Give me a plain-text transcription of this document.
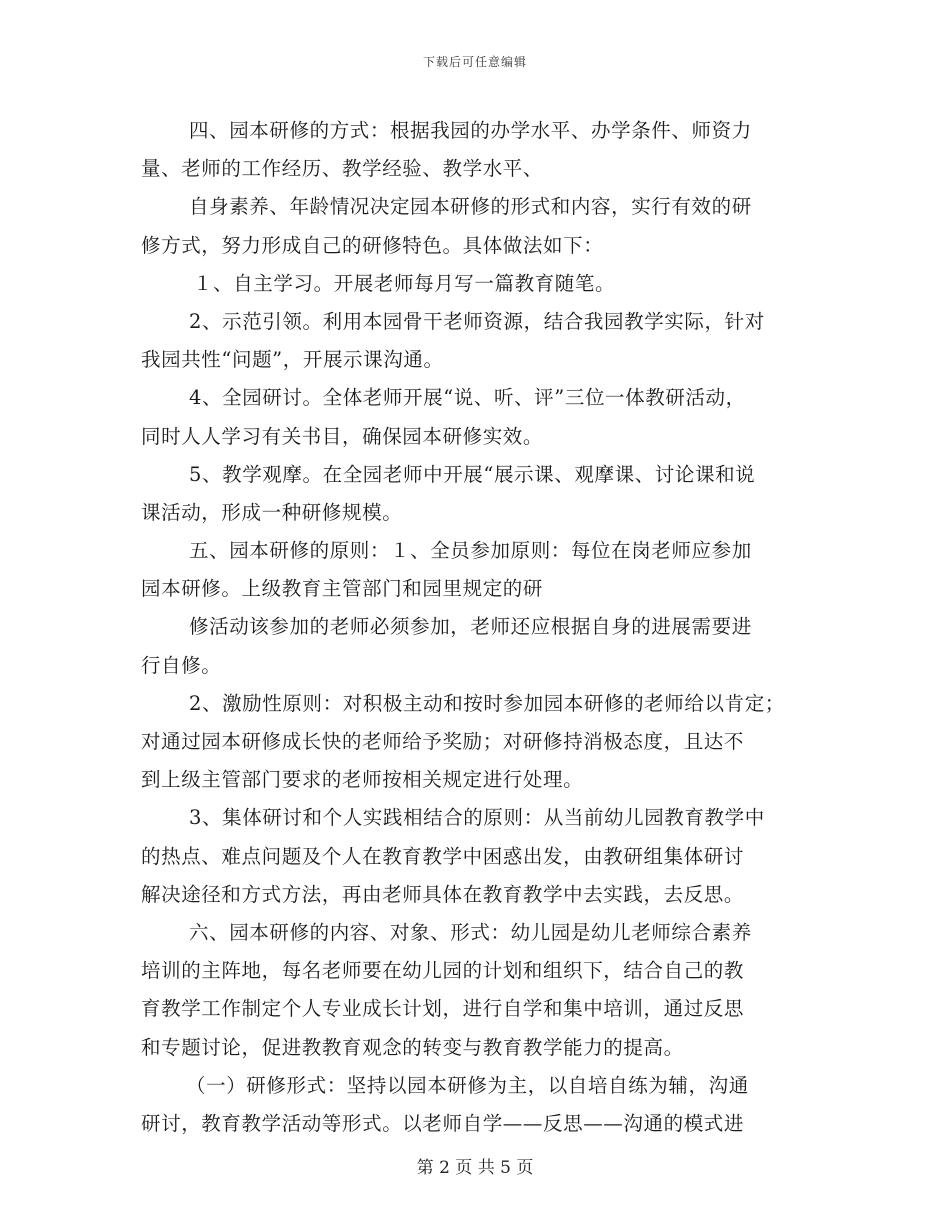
下载后可任意编辑
四、园本研修的方式：根据我园的办学水平、办学条件、师资力
量、老师的工作经历、教学经验、教学水平、
自身素养、年龄情况决定园本研修的形式和内容，实行有效的研
修方式，努力形成自己的研修特色。具体做法如下：
１、自主学习。开展老师每月写一篇教育随笔。
2、示范引领。利用本园骨干老师资源，结合我园教学实际，针对
我园共性“问题”，开展示课沟通。
4、全园研讨。全体老师开展“说、听、评”三位一体教研活动，
同时人人学习有关书目，确保园本研修实效。
5、教学观摩。在全园老师中开展“展示课、观摩课、讨论课和说
课活动，形成一种研修规模。
五、园本研修的原则：１、全员参加原则：每位在岗老师应参加
园本研修。上级教育主管部门和园里规定的研
修活动该参加的老师必须参加，老师还应根据自身的进展需要进
行自修。
2、激励性原则：对积极主动和按时参加园本研修的老师给以肯定；
对通过园本研修成长快的老师给予奖励；对研修持消极态度，且达不
到上级主管部门要求的老师按相关规定进行处理。
3、集体研讨和个人实践相结合的原则：从当前幼儿园教育教学中
的热点、难点问题及个人在教育教学中困惑出发，由教研组集体研讨
解决途径和方式方法，再由老师具体在教育教学中去实践，去反思。
六、园本研修的内容、对象、形式：幼儿园是幼儿老师综合素养
培训的主阵地，每名老师要在幼儿园的计划和组织下，结合自己的教
育教学工作制定个人专业成长计划，进行自学和集中培训，通过反思
和专题讨论，促进教教育观念的转变与教育教学能力的提高。
（一）研修形式：坚持以园本研修为主，以自培自练为辅，沟通
研讨，教育教学活动等形式。以老师自学——反思——沟通的模式进
第 2 页 共 5 页
